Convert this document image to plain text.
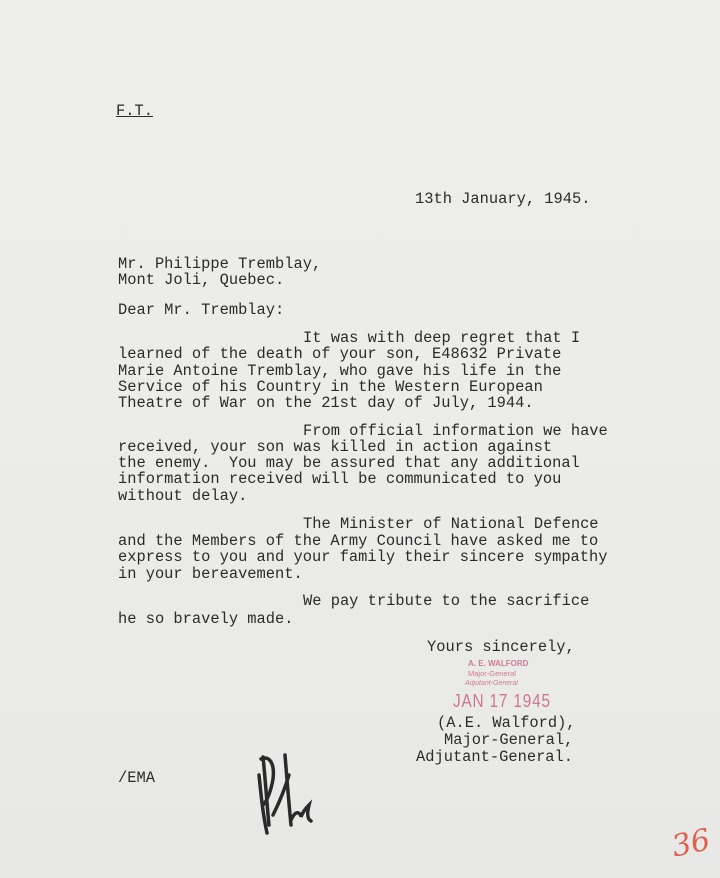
F.T.
13th January, 1945.
Mr. Philippe Tremblay,
Mont Joli, Quebec.
Dear Mr. Tremblay:
It was with deep regret that I
learned of the death of your son, E48632 Private
Marie Antoine Tremblay, who gave his life in the
Service of his Country in the Western European
Theatre of War on the 21st day of July, 1944.
From official information we have
received, your son was killed in action against
the enemy.  You may be assured that any additional
information received will be communicated to you
without delay.
The Minister of National Defence
and the Members of the Army Council have asked me to
express to you and your family their sincere sympathy
in your bereavement.
We pay tribute to the sacrifice
he so bravely made.
Yours sincerely,
A. E. WALFORD
Major-General
Adjutant-General
JAN 17 1945
(A.E. Walford),
Major-General,
Adjutant-General.
/EMA
36
